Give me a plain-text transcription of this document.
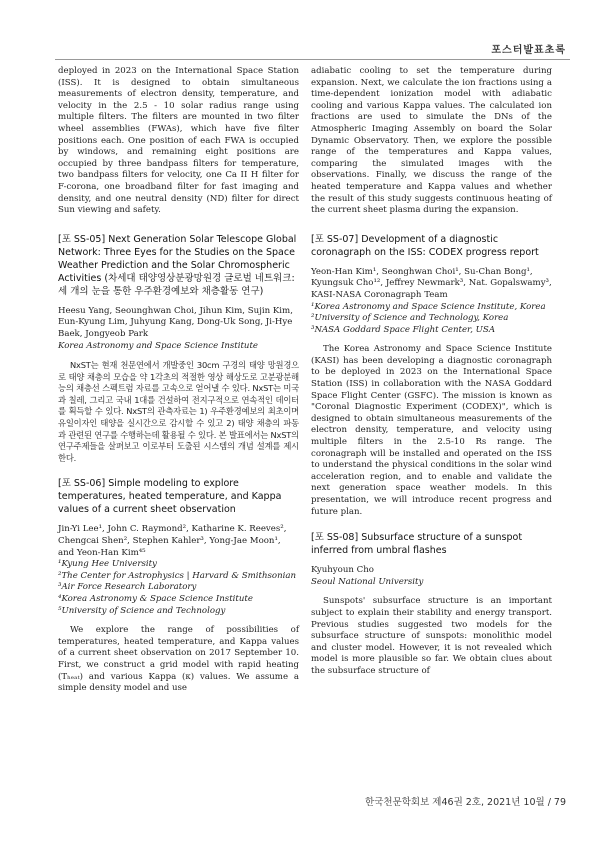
포스터발표초록

deployed in 2023 on the International Space Station (ISS). It is designed to obtain simultaneous measurements of electron density, temperature, and velocity in the 2.5 - 10 solar radius range using multiple filters. The filters are mounted in two filter wheel assemblies (FWAs), which have five filter positions each. One position of each FWA is occupied by windows, and remaining eight positions are occupied by three bandpass filters for temperature, two bandpass filters for velocity, one Ca II H filter for F-corona, one broadband filter for fast imaging and density, and one neutral density (ND) filter for direct Sun viewing and safety.

[포 SS-05] Next Generation Solar Telescope Global Network: Three Eyes for the Studies on the Space Weather Prediction and the Solar Chromospheric Activities (차세대 태양영상분광망원경 글로벌 네트워크: 세 개의 눈을 통한 우주환경예보와 채층활동 연구)

Heesu Yang, Seounghwan Choi, Jihun Kim, Sujin Kim, Eun-Kyung Lim, Juhyung Kang, Dong-Uk Song, Ji-Hye Baek, Jongyeob Park

Korea Astronomy and Space Science Institute

NxST는 현재 천문연에서 개발중인 30cm 구경의 태양 망원경으로 태양 채층의 모습을 약 1각초의 적절한 영상 해상도로 고분광분해능의 채층선 스펙트럼 자료를 고속으로 얻어낼 수 있다. NxST는 미국과 칠레, 그리고 국내 1대를 건설하여 전지구적으로 연속적인 데이터를 획득할 수 있다. NxST의 관측자료는 1) 우주환경예보의 최초이며 유일이자인 태양을 실시간으로 감시할 수 있고 2) 태양 채층의 파동과 관련된 연구를 수행하는데 활용될 수 있다. 본 발표에서는 NxST의 연구주제들을 살펴보고 이로부터 도출된 시스템의 개념 설계를 제시한다.

[포 SS-06] Simple modeling to explore temperatures, heated temperature, and Kappa values of a current sheet observation

Jin-Yi Lee¹, John C. Raymond², Katharine K. Reeves², Chengcai Shen², Stephen Kahler³, Yong-Jae Moon¹, and Yeon-Han Kim⁴⁵

¹Kyung Hee University

²The Center for Astrophysics | Harvard & Smithsonian

³Air Force Research Laboratory

⁴Korea Astronomy & Space Science Institute

⁵University of Science and Technology

We explore the range of possibilities of temperatures, heated temperature, and Kappa values of a current sheet observation on 2017 September 10. First, we construct a grid model with rapid heating (Tₕₑₐₜ) and various Kappa (κ) values. We assume a simple density model and use

adiabatic cooling to set the temperature during expansion. Next, we calculate the ion fractions using a time-dependent ionization model with adiabatic cooling and various Kappa values. The calculated ion fractions are used to simulate the DNs of the Atmospheric Imaging Assembly on board the Solar Dynamic Observatory. Then, we explore the possible range of the temperatures and Kappa values, comparing the simulated images with the observations. Finally, we discuss the range of the heated temperature and Kappa values and whether the result of this study suggests continuous heating of the current sheet plasma during the expansion.

[포 SS-07] Development of a diagnostic coronagraph on the ISS: CODEX progress report

Yeon-Han Kim¹, Seonghwan Choi¹, Su-Chan Bong¹, Kyungsuk Cho¹², Jeffrey Newmark³, Nat. Gopalswamy³, KASI-NASA Coronagraph Team

¹Korea Astronomy and Space Science Institute, Korea

²University of Science and Technology, Korea

³NASA Goddard Space Flight Center, USA

The Korea Astronomy and Space Science Institute (KASI) has been developing a diagnostic coronagraph to be deployed in 2023 on the International Space Station (ISS) in collaboration with the NASA Goddard Space Flight Center (GSFC). The mission is known as "Coronal Diagnostic Experiment (CODEX)", which is designed to obtain simultaneous measurements of the electron density, temperature, and velocity using multiple filters in the 2.5-10 Rs range. The coronagraph will be installed and operated on the ISS to understand the physical conditions in the solar wind acceleration region, and to enable and validate the next generation space weather models. In this presentation, we will introduce recent progress and future plan.

[포 SS-08] Subsurface structure of a sunspot inferred from umbral flashes

Kyuhyoun Cho

Seoul National University

Sunspots' subsurface structure is an important subject to explain their stability and energy transport. Previous studies suggested two models for the subsurface structure of sunspots: monolithic model and cluster model. However, it is not revealed which model is more plausible so far. We obtain clues about the subsurface structure of

한국천문학회보 제46권 2호, 2021년 10월 / 79
